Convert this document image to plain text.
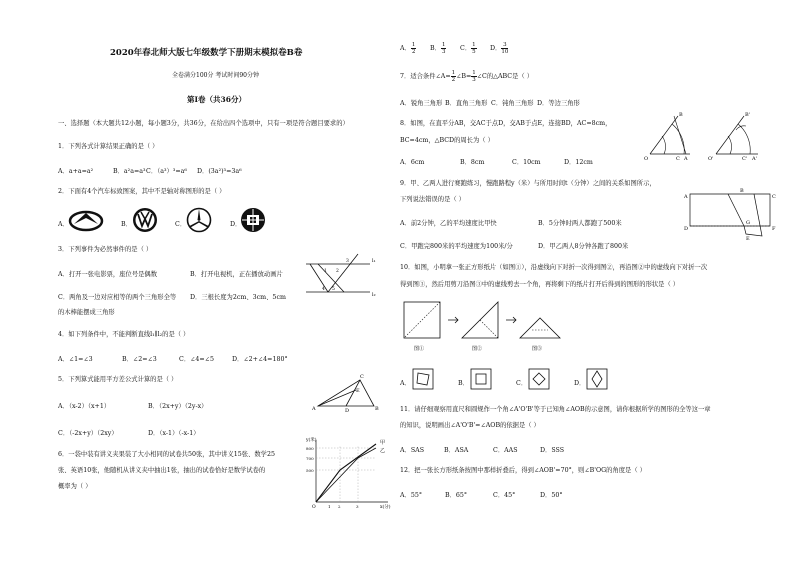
2020年春北师大版七年级数学下册期末模拟卷B卷
全卷满分100分 考试时间90分钟
第Ⅰ卷（共36分）
一、选择题（本大题共12小题，每小题3分，共36分，在给出四个选项中，只有一项是符合题目要求的）
1．下列各式计算结果正确的是（ ）
A．a+a=a²	B．a²a=a³ C．（a³）³=a⁶ D．(3a²)³=3a⁶
2．下面有4个汽车标致图案，其中不是轴对称图形的是（ ）
A．	B．	C．	D．
3．下列事件为必然事件的是（ ）
A．打开一张电影票，座位号是偶数	B．打开电视机，正在播放动画片
C．两角及一边对应相等的两个三角形全等 D．三根长度为2cm、3cm、5cm
的木棒能摆成三角形
l₁
l₂
1 2
3
4 5
4．如下列条件中，不能判断直线l₁∥l₂的是（ ）
A．∠1=∠3	B．∠2=∠3	C．∠4=∠5	D．∠2+∠4=180°
5．下列算式能用平方差公式计算的是（ ）
A．（x-2）（x+1）	B．（2x+y）（2y-x）
C．（-2x+y）（2xy）	D．（x-1）（-x-1）
A	B
C
D
E
6．一袋中装有讲义夹果装了大小相同的试卷共50张，其中讲义15张、数学25
张、英语10张，他随机从讲义夹中抽出1张，抽出的试卷恰好是数学试卷的
概率为（ ）
y(米)	甲
乙
800
700
500
O	1 2	3	x(分)
A． $\frac{1}{2}$ B． $\frac{1}{3}$ C． $\frac{1}{5}$ D． $\frac{3}{10}$
7．适合条件∠A= $\frac{1}{2}$ ∠B= $\frac{1}{3}$ ∠C的△ABC是（ ）
A．锐角三角形 B．直角三角形 C．钝角三角形 D．等边三角形
8．如图，在直平分AB，交AC于点D，交AB于点E，连接BD，AC=8cm，
BC=4cm，△BCD的周长为（ ）
A．6cm	B．8cm	C．10cm	D．12cm	O	C A
B
O'	C' A'
B'
9．甲、乙两人进行赛跑练习，慢跑路程y（米）与所用时间t（分钟）之间的关系如图所示，
下列说法错误的是（ ）
A．前2分钟，乙的平均速度比甲快	B．5分钟时两人都跑了500米
C．甲跑完800米的平均速度为100米/分	D．甲乙两人8分钟各跑了800米
A
B
C
D
E
F
G
10．如图，小明拿一张正方形纸片（如图①），沿虚线向下对折一次得到图②，再沿图②中的虚线向下对折一次
得到图③，然后用剪刀沿图③中的虚线剪去一个角，再将剩下的纸片打开后得到的图形的形状是（ ）
图①	图②	图③
A．	B．	C．	D．
11．请仔细观察用直尺和圆规作一个角∠A'O'B'等于已知角∠AOB的示意图，请你根据所学的图形的全等这一章
的知识，说明画出∠A'O'B'=∠AOB的依据是（ ）
A．SAS	B．ASA	C．AAS	D．SSS
12．把一张长方形纸条按图中那样折叠后，得到∠AOB'=70°，则∠B'OG的角度是（ ）
A．55°	B．65°	C．45°	D．50°
